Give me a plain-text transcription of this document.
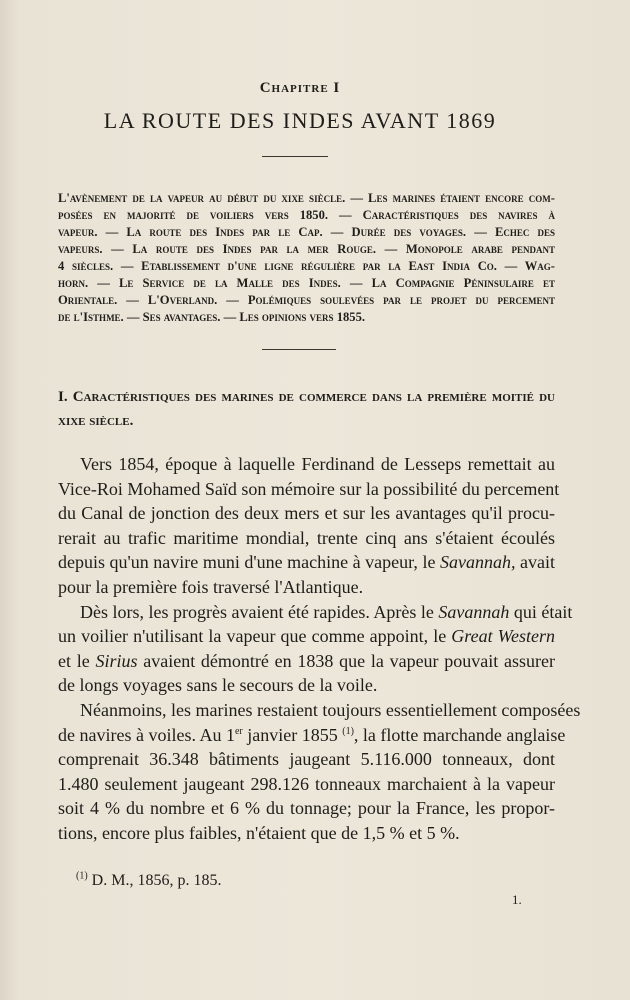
Chapitre I
LA ROUTE DES INDES AVANT 1869
L'avènement de la vapeur au début du xixe siècle. — Les marines étaient encore com-
posées en majorité de voiliers vers 1850. — Caractéristiques des navires à
vapeur. — La route des Indes par le Cap. — Durée des voyages. — Echec des
vapeurs. — La route des Indes par la mer Rouge. — Monopole arabe pendant
4 siècles. — Etablissement d'une ligne régulière par la East India Co. — Wag-
horn. — Le Service de la Malle des Indes. — La Compagnie Péninsulaire et
Orientale. — L'Overland. — Polémiques soulevées par le projet du percement
de l'Isthme. — Ses avantages. — Les opinions vers 1855.
I. Caractéristiques des marines de commerce dans la première moitié du
xixe siècle.
Vers 1854, époque à laquelle Ferdinand de Lesseps remettait au
Vice-Roi Mohamed Saïd son mémoire sur la possibilité du percement
du Canal de jonction des deux mers et sur les avantages qu'il procu-
rerait au trafic maritime mondial, trente cinq ans s'étaient écoulés
depuis qu'un navire muni d'une machine à vapeur, le Savannah, avait
pour la première fois traversé l'Atlantique.
Dès lors, les progrès avaient été rapides. Après le Savannah qui était
un voilier n'utilisant la vapeur que comme appoint, le Great Western
et le Sirius avaient démontré en 1838 que la vapeur pouvait assurer
de longs voyages sans le secours de la voile.
Néanmoins, les marines restaient toujours essentiellement composées
de navires à voiles. Au 1er janvier 1855 $^{(1)}$, la flotte marchande anglaise
comprenait 36.348 bâtiments jaugeant 5.116.000 tonneaux, dont
1.480 seulement jaugeant 298.126 tonneaux marchaient à la vapeur
soit 4 % du nombre et 6 % du tonnage; pour la France, les propor-
tions, encore plus faibles, n'étaient que de 1,5 % et 5 %.
$^{(1)}$ D. M., 1856, p. 185.
1.
